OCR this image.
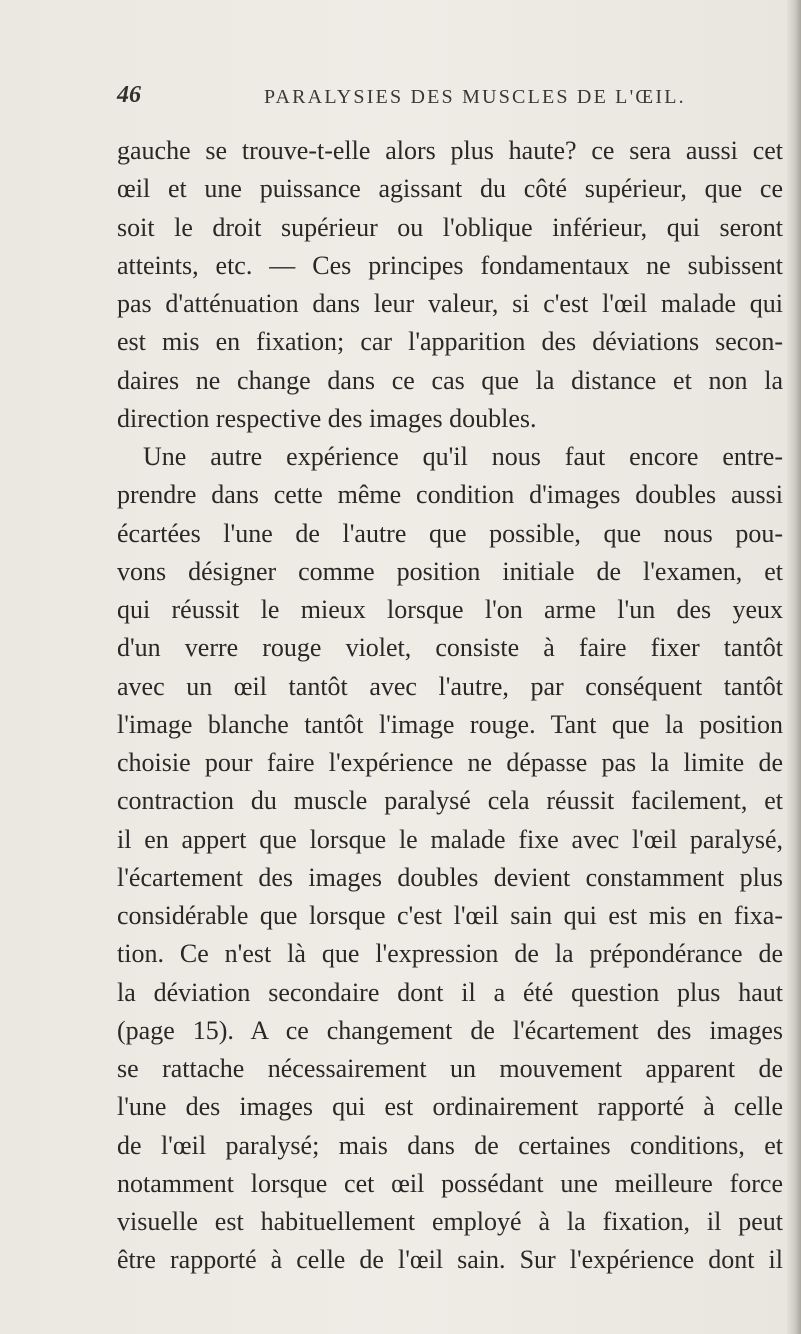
46	PARALYSIES DES MUSCLES DE L'ŒIL.
gauche se trouve-t-elle alors plus haute? ce sera aussi cet
œil et une puissance agissant du côté supérieur, que ce
soit le droit supérieur ou l'oblique inférieur, qui seront
atteints, etc. — Ces principes fondamentaux ne subissent
pas d'atténuation dans leur valeur, si c'est l'œil malade qui
est mis en fixation; car l'apparition des déviations secon-
daires ne change dans ce cas que la distance et non la
direction respective des images doubles.
Une autre expérience qu'il nous faut encore entre-
prendre dans cette même condition d'images doubles aussi
écartées l'une de l'autre que possible, que nous pou-
vons désigner comme position initiale de l'examen, et
qui réussit le mieux lorsque l'on arme l'un des yeux
d'un verre rouge violet, consiste à faire fixer tantôt
avec un œil tantôt avec l'autre, par conséquent tantôt
l'image blanche tantôt l'image rouge. Tant que la position
choisie pour faire l'expérience ne dépasse pas la limite de
contraction du muscle paralysé cela réussit facilement, et
il en appert que lorsque le malade fixe avec l'œil paralysé,
l'écartement des images doubles devient constamment plus
considérable que lorsque c'est l'œil sain qui est mis en fixa-
tion. Ce n'est là que l'expression de la prépondérance de
la déviation secondaire dont il a été question plus haut
(page 15). A ce changement de l'écartement des images
se rattache nécessairement un mouvement apparent de
l'une des images qui est ordinairement rapporté à celle
de l'œil paralysé; mais dans de certaines conditions, et
notamment lorsque cet œil possédant une meilleure force
visuelle est habituellement employé à la fixation, il peut
être rapporté à celle de l'œil sain. Sur l'expérience dont il
